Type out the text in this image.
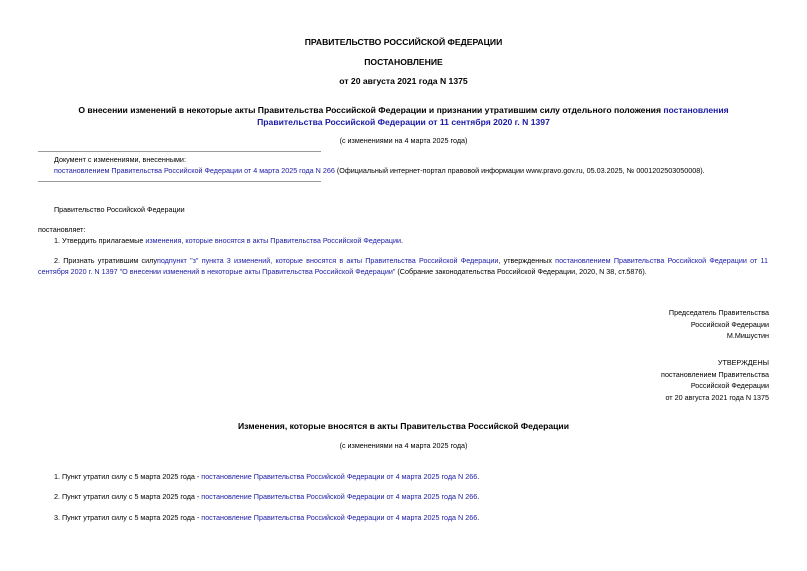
ПРАВИТЕЛЬСТВО РОССИЙСКОЙ ФЕДЕРАЦИИ
ПОСТАНОВЛЕНИЕ
от 20 августа 2021 года N 1375
О внесении изменений в некоторые акты Правительства Российской Федерации и признании утратившим силу отдельного положения постановления
Правительства Российской Федерации от 11 сентября 2020 г. N 1397
(с изменениями на 4 марта 2025 года)
Документ с изменениями, внесенными:
постановлением Правительства Российской Федерации от 4 марта 2025 года N 266 (Официальный интернет-портал правовой информации www.pravo.gov.ru, 05.03.2025, № 0001202503050008).
Правительство Российской Федерации
постановляет:
1. Утвердить прилагаемые изменения, которые вносятся в акты Правительства Российской Федерации.
2. Признать утратившим силуподпункт "з" пункта 3 изменений, которые вносятся в акты Правительства Российской Федерации, утвержденных постановлением Правительства Российской Федерации от 11 сентября 2020 г. N 1397 "О внесении изменений в некоторые акты Правительства Российской Федерации" (Собрание законодательства Российской Федерации, 2020, N 38, ст.5876).

Председатель Правительства

Российской Федерации

М.Мишустин

УТВЕРЖДЕНЫ

постановлением Правительства

Российской Федерации

от 20 августа 2021 года N 1375

Изменения, которые вносятся в акты Правительства Российской Федерации
(с изменениями на 4 марта 2025 года)
1. Пункт утратил силу с 5 марта 2025 года - постановление Правительства Российской Федерации от 4 марта 2025 года N 266.
2. Пункт утратил силу с 5 марта 2025 года - постановление Правительства Российской Федерации от 4 марта 2025 года N 266.
3. Пункт утратил силу с 5 марта 2025 года - постановление Правительства Российской Федерации от 4 марта 2025 года N 266.
